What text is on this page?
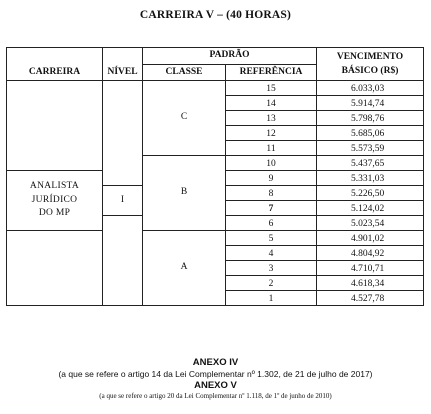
CARREIRA V – (40 HORAS)
CARREIRA	NÍVEL	PADRÃO		VENCIMENTO
BÁSICO (R$)

		CLASSE	REFERÊNCIA	
		C	15	6.033,03
			14	5.914,74
			13	5.798,76
			12	5.685,06
			11	5.573,59
		B	10	5.437,65

ANALISTA
JURÍDICO
DO MP			9	5.331,03
	I		8	5.226,50
			7	5.124,02
			6	5.023,54
		A	5	4.901,02
			4	4.804,92
			3	4.710,71
			2	4.618,34
			1	4.527,78
ANEXO IV
(a que se refere o artigo 14 da Lei Complementar nº 1.302, de 21 de julho de 2017)
ANEXO V
(a que se refere o artigo 20 da Lei Complementar nº 1.118, de 1º de junho de 2010)
